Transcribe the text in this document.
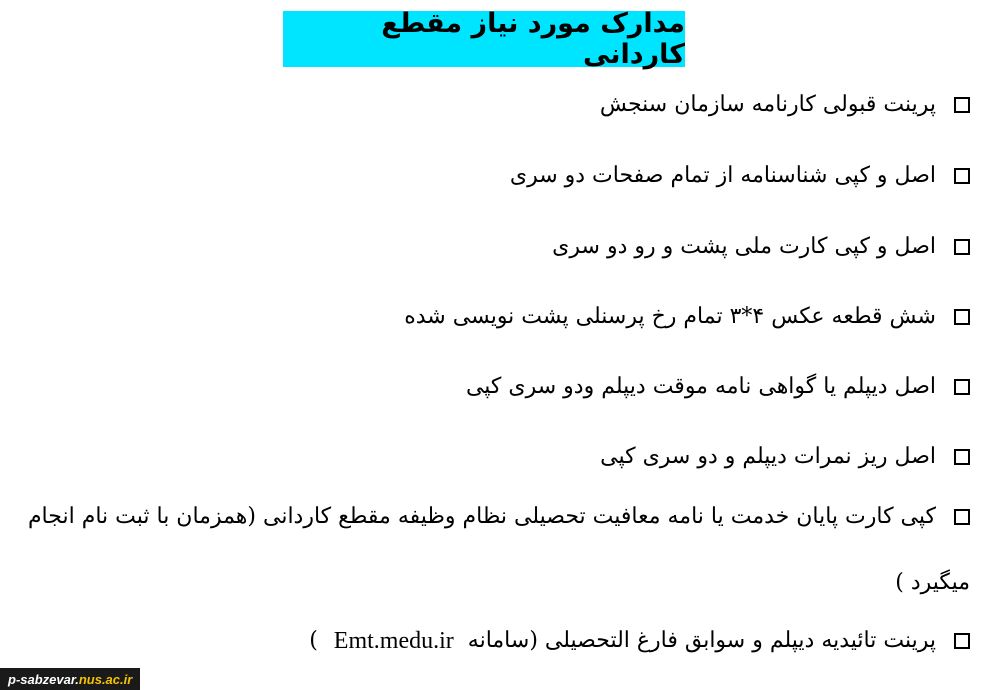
مدارک مورد نیاز مقطع کاردانی
پرینت قبولی کارنامه سازمان سنجش
اصل و کپی شناسنامه از تمام صفحات دو سری
اصل و کپی کارت ملی پشت و رو دو سری
شش قطعه عکس ۴*۳ تمام رخ پرسنلی پشت نویسی شده
اصل دیپلم یا گواهی نامه موقت دیپلم ودو سری کپی
اصل ریز نمرات دیپلم و دو سری کپی
کپی کارت پایان خدمت یا نامه معافیت تحصیلی نظام وظیفه مقطع کاردانی (همزمان با ثبت نام انجام میگیرد )
پرینت تائیدیه دیپلم و سوابق فارغ التحصیلی (سامانه
Emt.medu.ir
)
p-sabzevar. nus.ac.ir
